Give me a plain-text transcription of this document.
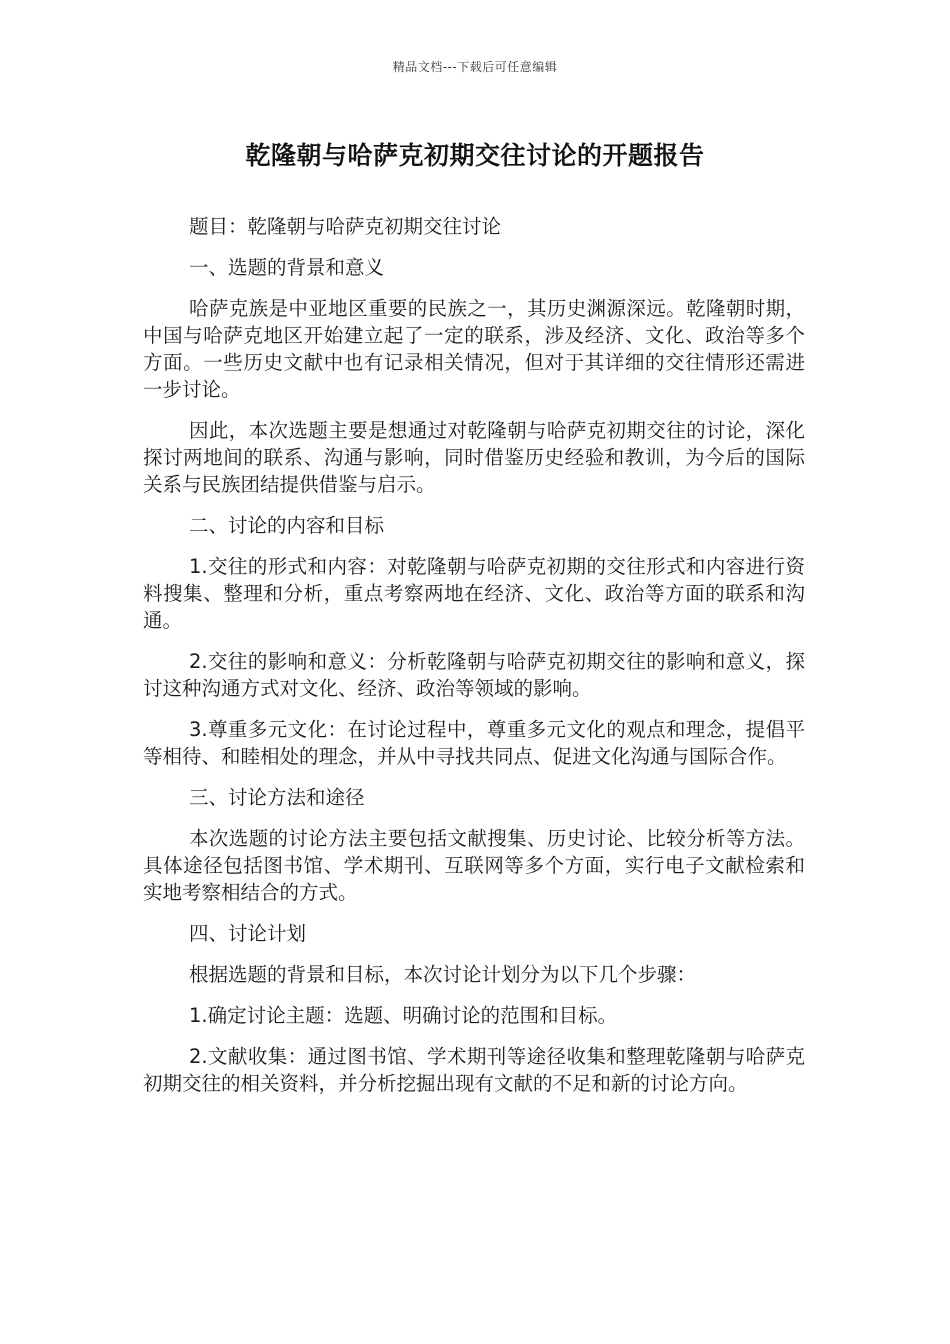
精品文档---下载后可任意编辑
乾隆朝与哈萨克初期交往讨论的开题报告

题目：乾隆朝与哈萨克初期交往讨论

一、选题的背景和意义

哈萨克族是中亚地区重要的民族之一，其历史渊源深远。乾隆朝时期，中国与哈萨克地区开始建立起了一定的联系，涉及经济、文化、政治等多个方面。一些历史文献中也有记录相关情况，但对于其详细的交往情形还需进一步讨论。

因此，本次选题主要是想通过对乾隆朝与哈萨克初期交往的讨论，深化探讨两地间的联系、沟通与影响，同时借鉴历史经验和教训，为今后的国际关系与民族团结提供借鉴与启示。

二、讨论的内容和目标

1.交往的形式和内容：对乾隆朝与哈萨克初期的交往形式和内容进行资料搜集、整理和分析，重点考察两地在经济、文化、政治等方面的联系和沟通。

2.交往的影响和意义：分析乾隆朝与哈萨克初期交往的影响和意义，探讨这种沟通方式对文化、经济、政治等领域的影响。

3.尊重多元文化：在讨论过程中，尊重多元文化的观点和理念，提倡平等相待、和睦相处的理念，并从中寻找共同点、促进文化沟通与国际合作。

三、讨论方法和途径

本次选题的讨论方法主要包括文献搜集、历史讨论、比较分析等方法。具体途径包括图书馆、学术期刊、互联网等多个方面，实行电子文献检索和实地考察相结合的方式。

四、讨论计划

根据选题的背景和目标，本次讨论计划分为以下几个步骤：

1.确定讨论主题：选题、明确讨论的范围和目标。

2.文献收集：通过图书馆、学术期刊等途径收集和整理乾隆朝与哈萨克初期交往的相关资料，并分析挖掘出现有文献的不足和新的讨论方向。
